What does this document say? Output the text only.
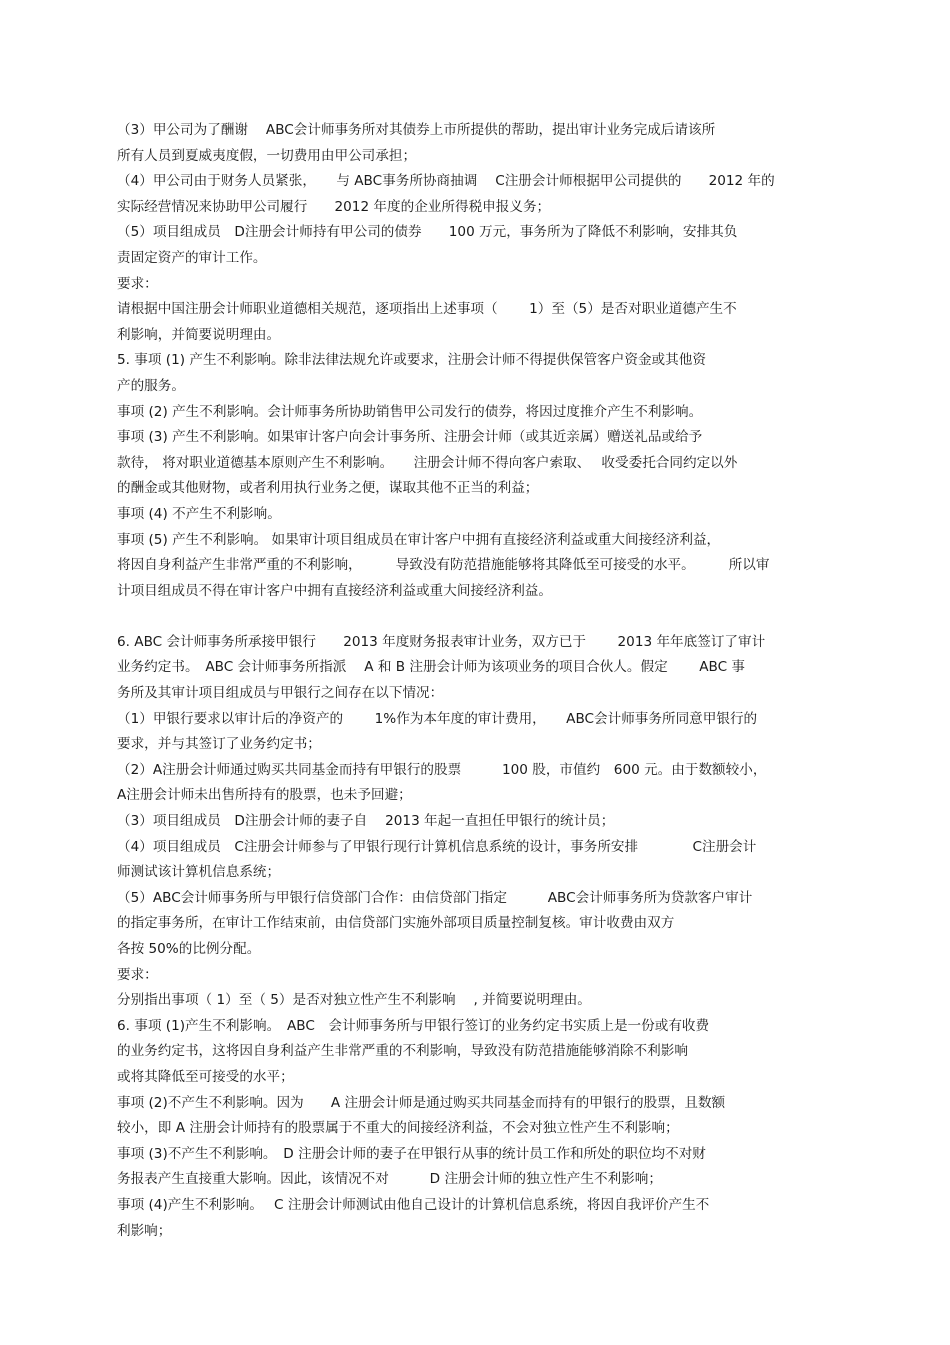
（3）甲公司为了酬谢　 ABC会计师事务所对其债券上市所提供的帮助，提出审计业务完成后请该所
所有人员到夏威夷度假，一切费用由甲公司承担；
（4）甲公司由于财务人员紧张，　　与 ABC事务所协商抽调　 C注册会计师根据甲公司提供的　　2012 年的
实际经营情况来协助甲公司履行　　2012 年度的企业所得税申报义务；
（5）项目组成员　D注册会计师持有甲公司的债券　　100 万元，事务所为了降低不利影响，安排其负
责固定资产的审计工作。
要求：
请根据中国注册会计师职业道德相关规范，逐项指出上述事项（　　 1）至（5）是否对职业道德产生不
利影响，并简要说明理由。
5. 事项 (1) 产生不利影响。除非法律法规允许或要求，注册会计师不得提供保管客户资金或其他资
产的服务。
事项 (2) 产生不利影响。会计师事务所协助销售甲公司发行的债券，将因过度推介产生不利影响。
事项 (3) 产生不利影响。如果审计客户向会计事务所、注册会计师（或其近亲属）赠送礼品或给予
款待， 将对职业道德基本原则产生不利影响。　　注册会计师不得向客户索取、　 收受委托合同约定以外
的酬金或其他财物，或者利用执行业务之便，谋取其他不正当的利益；
事项 (4) 不产生不利影响。
事项 (5) 产生不利影响。 如果审计项目组成员在审计客户中拥有直接经济利益或重大间接经济利益，
将因自身利益产生非常严重的不利影响，　　　导致没有防范措施能够将其降低至可接受的水平。　　　所以审
计项目组成员不得在审计客户中拥有直接经济利益或重大间接经济利益。
6. ABC 会计师事务所承接甲银行　　2013 年度财务报表审计业务，双方已于　　 2013 年年底签订了审计
业务约定书。　ABC 会计师事务所指派　 A 和 B 注册会计师为该项业务的项目合伙人。假定　　 ABC 事
务所及其审计项目组成员与甲银行之间存在以下情况：
（1）甲银行要求以审计后的净资产的　　 1%作为本年度的审计费用，　　ABC会计师事务所同意甲银行的
要求，并与其签订了业务约定书；
（2）A注册会计师通过购买共同基金而持有甲银行的股票　　　100 股，市值约　600 元。由于数额较小，
A注册会计师未出售所持有的股票，也未予回避；
（3）项目组成员　D注册会计师的妻子自　 2013 年起一直担任甲银行的统计员；
（4）项目组成员　C注册会计师参与了甲银行现行计算机信息系统的设计，事务所安排　　　　C注册会计
师测试该计算机信息系统；
（5）ABC会计师事务所与甲银行信贷部门合作：由信贷部门指定　　　ABC会计师事务所为贷款客户审计
的指定事务所，在审计工作结束前，由信贷部门实施外部项目质量控制复核。审计收费由双方
各按 50%的比例分配。
要求：
分别指出事项（ 1）至（ 5）是否对独立性产生不利影响　 , 并简要说明理由。
6. 事项 (1)产生不利影响。　ABC　会计师事务所与甲银行签订的业务约定书实质上是一份或有收费
的业务约定书，这将因自身利益产生非常严重的不利影响，导致没有防范措施能够消除不利影响
或将其降低至可接受的水平；
事项 (2)不产生不利影响。因为　　A 注册会计师是通过购买共同基金而持有的甲银行的股票，且数额
较小，即 A 注册会计师持有的股票属于不重大的间接经济利益，不会对独立性产生不利影响；
事项 (3)不产生不利影响。　D 注册会计师的妻子在甲银行从事的统计员工作和所处的职位均不对财
务报表产生直接重大影响。因此，该情况不对　　　D 注册会计师的独立性产生不利影响；
事项 (4)产生不利影响。　 C 注册会计师测试由他自己设计的计算机信息系统，将因自我评价产生不
利影响；
